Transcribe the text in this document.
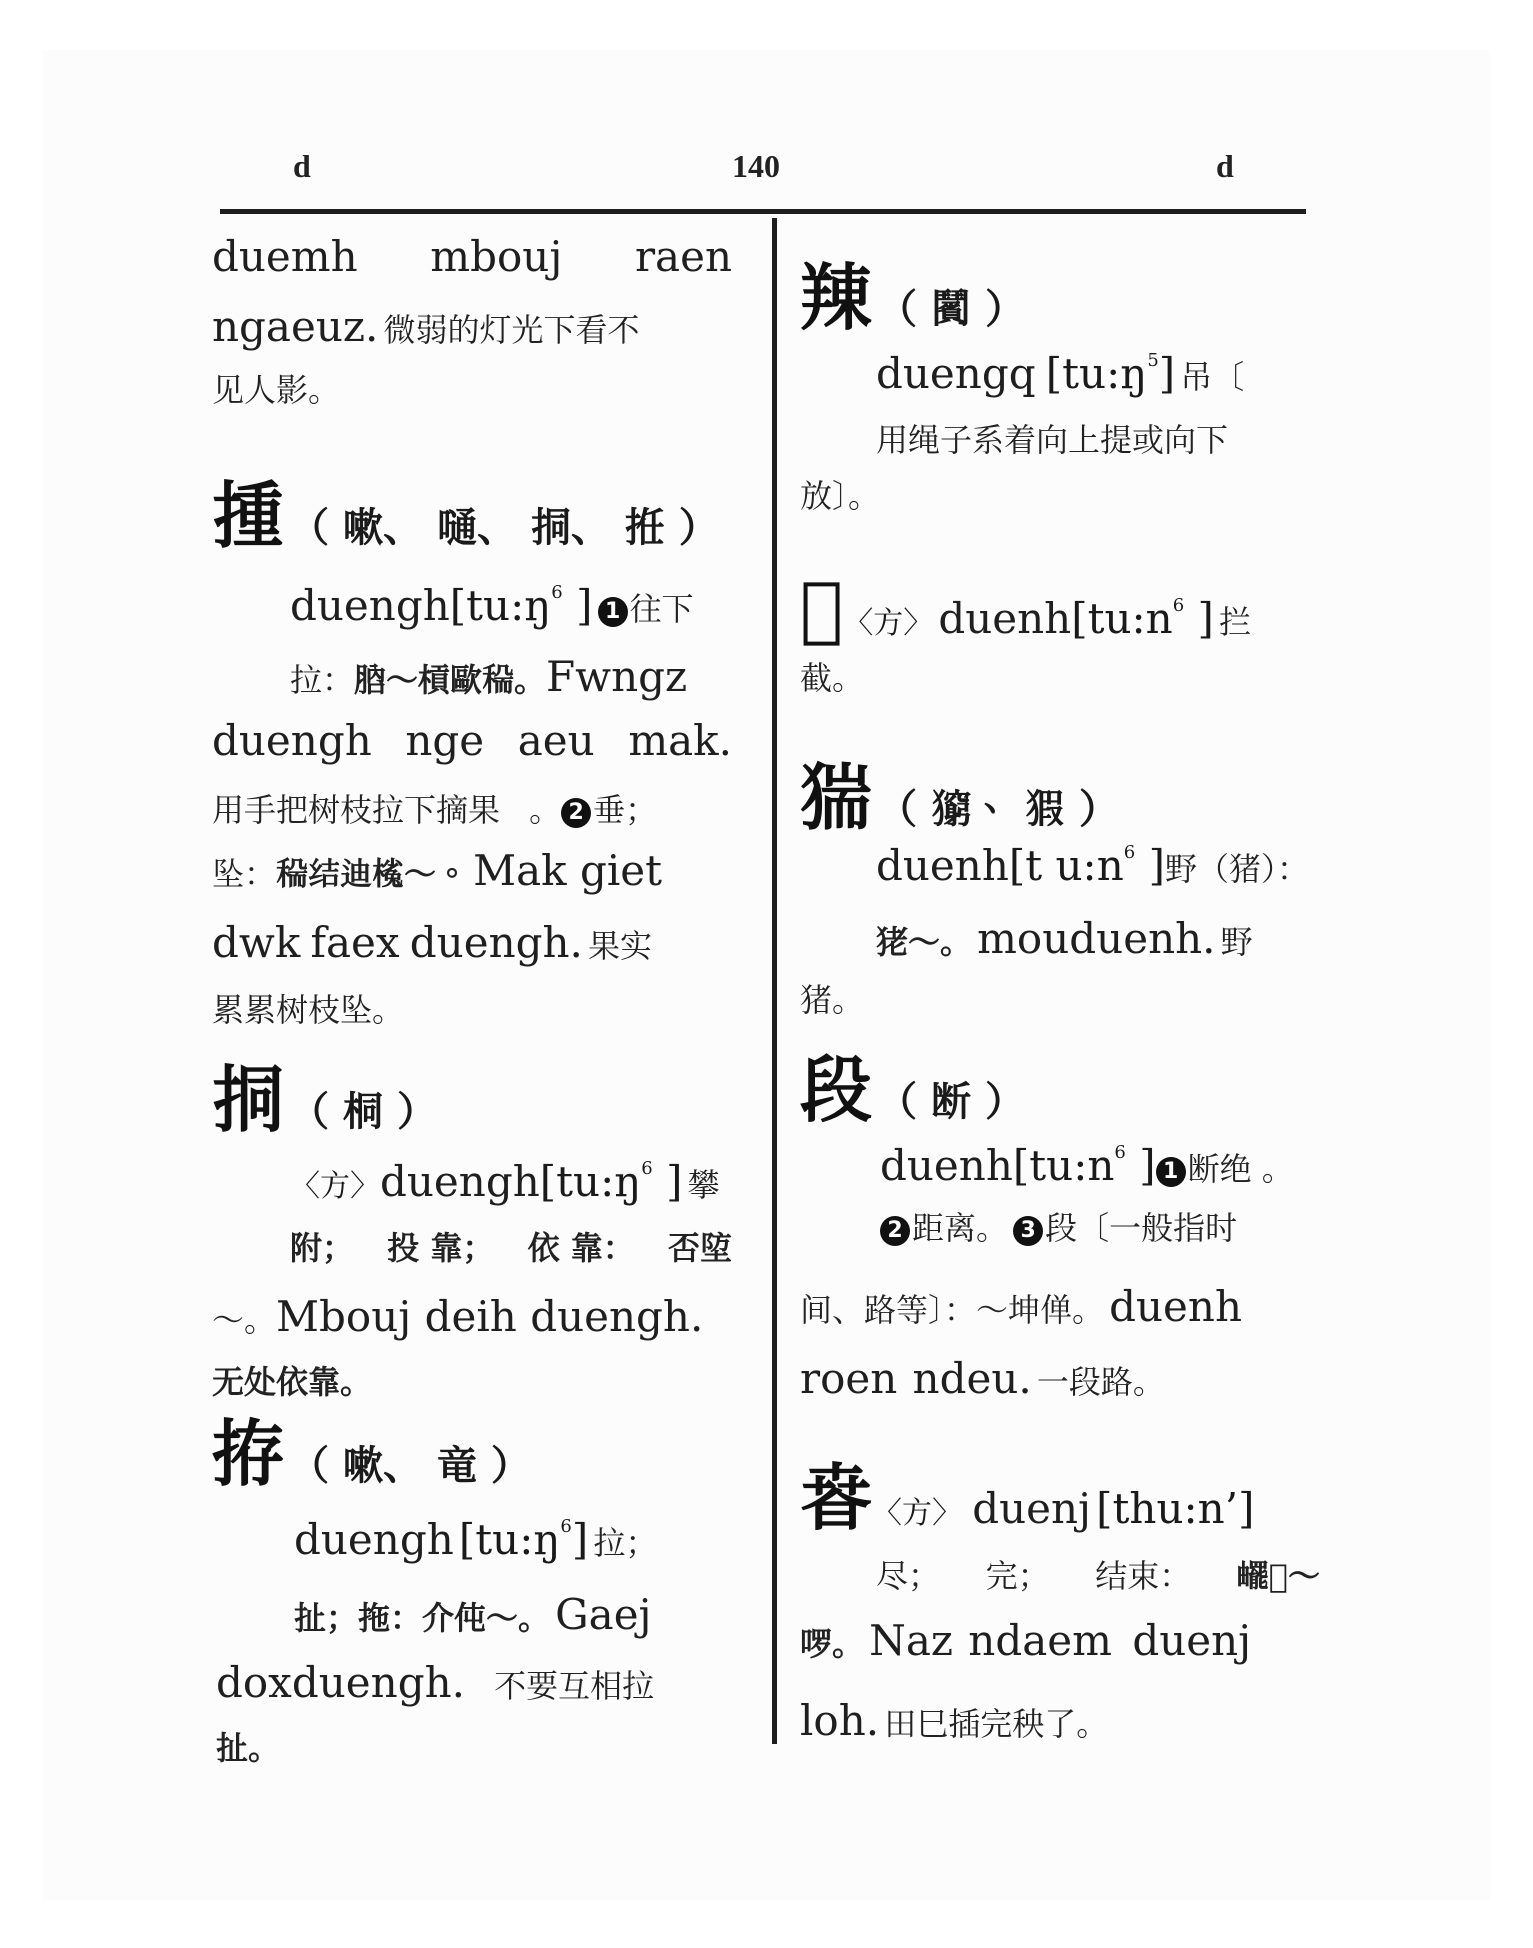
d	140	d
duemh mbouj raen
ngaeuz. 微弱的灯光下看不
见人影。
揰 （ 嗽、 嗵、 挏、 拰 ）
duengh[tu:ŋ6 ] 1 往下
拉：𦛚～槓歐𥟺。Fwngz
duengh nge aeu mak.
用手把树枝拉下摘果 。 2 垂；
坠：𥟺结迪𣘽～。 Mak giet
dwk faex duengh. 果实
累累树枝坠。
挏 （ 桐 ）
〈方〉duengh[tu:ŋ6 ] 攀
附； 投 靠； 依 靠： 否埅
～。Mbouj deih duengh.
无处依靠。
拵 （ 嗽、 竜 ）
duengh [tu:ŋ6] 拉；
扯；拖：介伅～。 Gaej
doxduengh. 不要互相拉
扯。
䍶 （ 𩰗 ）
duengq [tu:ŋ5] 吊〔
用绳子系着向上提或向下
放〕。
𦟗〈方〉 duenh[tu:n6 ] 拦
截。
猯 （ 𤢶、 猳 ）
duenh[t u:n6 ]野（猪）：
狫～。 mouduenh. 野
猪。
段 （ 断 ）
duenh[tu:n6 ] 1 断绝 。
2 距离。 3 段〔一般指时
间、路等〕：～坤𫢸。 duenh
roen ndeu. 一段路。
𣇸〈方〉 duenj [thu:n’]
尽； 完； 结束： 𤳸𥟵～
啰。 Naz ndaem duenj
loh. 田巳插完秧了。
